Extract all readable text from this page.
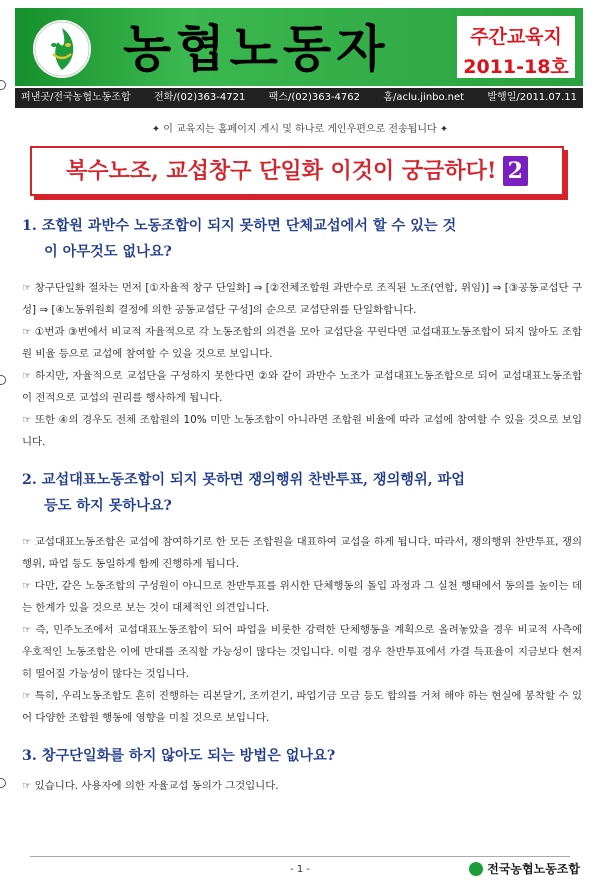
농협노동자	주간교육지
2011-18호
펴낸곳/전국농협노동조합 전화/(02)363-4721 팩스/(02)363-4762 홈/aclu.jinbo.net 발행일/2011.07.11
✦ 이 교육지는 홈페이지 게시 및 하나로 게인우편으로 전송됩니다 ✦
복수노조, 교섭창구 단일화 이것이 궁금하다! 2
1. 조합원 과반수 노동조합이 되지 못하면 단체교섭에서 할 수 있는 것
이 아무것도 없나요?

☞ 창구단일화 절차는 먼저 [①자율적 창구 단일화] ⇒ [②전체조합원 과반수로 조직된 노조(연합, 위임)] ⇒ [③공동교섭단 구성] ⇒ [④노동위원회 결정에 의한 공동교섭단 구성]의 순으로 교섭단위를 단일화합니다.

☞ ①번과 ③번에서 비교적 자율적으로 각 노동조합의 의견을 모아 교섭단을 꾸린다면 교섭대표노동조합이 되지 않아도 조합원 비율 등으로 교섭에 참여할 수 있을 것으로 보입니다.

☞ 하지만, 자율적으로 교섭단을 구성하지 못한다면 ②와 같이 과반수 노조가 교섭대표노동조합으로 되어 교섭대표노동조합이 전적으로 교섭의 권리를 행사하게 됩니다.

☞ 또한 ④의 경우도 전체 조합원의 10% 미만 노동조합이 아니라면 조합원 비율에 따라 교섭에 참여할 수 있을 것으로 보입니다.

2. 교섭대표노동조합이 되지 못하면 쟁의행위 찬반투표, 쟁의행위, 파업
등도 하지 못하나요?

☞ 교섭대표노동조합은 교섭에 참여하기로 한 모든 조합원을 대표하여 교섭을 하게 됩니다. 따라서, 쟁의행위 찬반투표, 쟁의행위, 파업 등도 동일하게 함께 진행하게 됩니다.

☞ 다만, 같은 노동조합의 구성원이 아니므로 찬반투표를 위시한 단체행동의 돌입 과정과 그 실천 행태에서 동의를 높이는 데는 한계가 있을 것으로 보는 것이 대체적인 의견입니다.

☞ 즉, 민주노조에서 교섭대표노동조합이 되어 파업을 비롯한 강력한 단체행동을 계획으로 올려놓았을 경우 비교적 사측에 우호적인 노동조합은 이에 반대를 조직할 가능성이 많다는 것입니다. 이럴 경우 찬반투표에서 가결 득표율이 지금보다 현저히 떨어질 가능성이 많다는 것입니다.

☞ 특히, 우리노동조합도 흔히 진행하는 리본달기, 조끼걷기, 파업기금 모금 등도 합의를 거쳐 해야 하는 현실에 봉착할 수 있어 다양한 조합원 행동에 영향을 미칠 것으로 보입니다.

3. 창구단일화를 하지 않아도 되는 방법은 없나요?

☞ 있습니다. 사용자에 의한 자율교섭 동의가 그것입니다.

- 1 -	전국농협노동조합
